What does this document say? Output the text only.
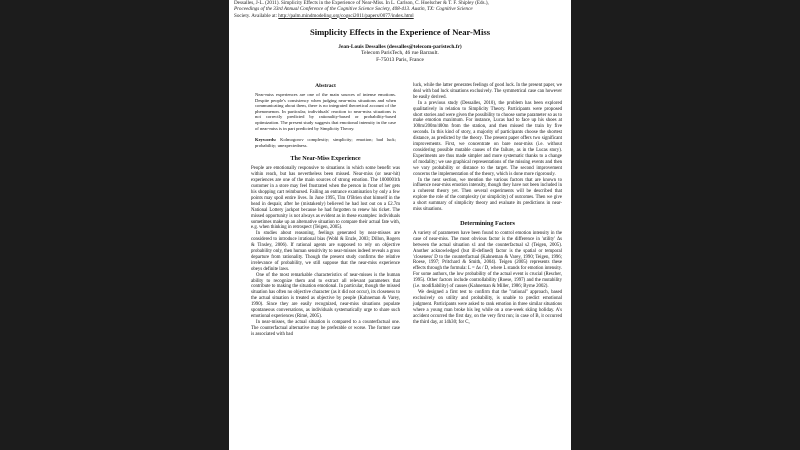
Dessalles, J-L. (2011). Simplicity Effects in the Experience of Near-Miss. In L. Carlson, C. Hoelscher & T. F. Shipley (Eds.),
Proceedings of the 33rd Annual Conference of the Cognitive Science Society, 408-413. Austin, TX: Cognitive Science
Society. Available at: http://palm.mindmodeling.org/cogsci2011/papers/0077/index.html
Simplicity Effects in the Experience of Near-Miss
Jean-Louis Dessalles (dessalles@telecom-paristech.fr)
Telecom ParisTech, 46 rue Barrault.
F-75013 Paris, France
Abstract

Near-miss experiences are one of the main sources of intense emotions. Despite people's consistency when judging near-miss situations and when communicating about them, there is no integrated theoretical account of the phenomenon. In particular, individuals' reaction to near-miss situations is not correctly predicted by rationality-based or probability-based optimization. The present study suggests that emotional intensity in the case of near-miss is in part predicted by Simplicity Theory.

Keywords: Kolmogorov complexity; simplicity; emotion; bad luck; probability; unexpectedness.
The Near-Miss Experience

People are emotionally responsive to situations in which some benefit was within reach, but has nevertheless been missed. Near-miss (or near-hit) experiences are one of the main sources of strong emotion. The 1000001th customer in a store may feel frustrated when the person in front of her gets his shopping cart reimbursed. Failing an entrance examination by only a few points may spoil entire lives. In June 1995, Tim O'Brien shot himself in the head in despair, after he (mistakenly) believed he had lost out on a £2.7m National Lottery jackpot because he had forgotten to renew his ticket. The missed opportunity is not always as evident as in these examples: individuals sometimes make up an alternative situation to compare their actual fate with, e.g. when thinking in retrospect (Teigen, 2005).

In studies about reasoning, feelings generated by near-misses are considered to introduce irrational bias (Wohl & Enzle, 2003; Dillon, Rogers & Tinsley, 2006). If rational agents are supposed to rely on objective probability only, then human sensitivity to near-misses indeed reveals a gross departure from rationality. Though the present study confirms the relative irrelevance of probability, we still suppose that the near-miss experience obeys definite laws.

One of the most remarkable characteristics of near-misses is the human ability to recognize them and to extract all relevant parameters that contribute to making the situation emotional. In particular, though the missed situation has often no objective character (as it did not occur), its closeness to the actual situation is treated as objective by people (Kahneman & Varey, 1990). Since they are easily recognized, near-miss situations populate spontaneous conversations, as individuals systematically urge to share such emotional experiences (Rimé, 2005).

In near-misses, the actual situation is compared to a counterfactual one. The counterfactual alternative may be preferable or worse. The former case is associated with bad

luck, while the latter generates feelings of good luck. In the present paper, we deal with bad luck situations exclusively. The symmetrical case can however be easily derived.

In a previous study (Dessalles, 2010), the problem has been explored qualitatively in relation to Simplicity Theory. Participants were proposed short stories and were given the possibility to choose some parameter so as to make emotion maximum. For instance, Lucas had to face up his shoes at 100m/200m/400m from the station, and then missed the train by five seconds. In this kind of story, a majority of participants choose the shortest distance, as predicted by the theory. The present paper offers two significant improvements. First, we concentrate on bare near-miss (i.e. without considering possible mutable causes of the failure, as in the Lucas story). Experiments are thus made simpler and more systematic thanks to a change of modality; we use graphical representations of the missing events and then we vary probability or distance to the target. The second improvement concerns the implementation of the theory, which is done more rigorously.

In the next section, we mention the various factors that are known to influence near-miss emotion intensity, though they have not been included in a coherent theory yet. Then several experiments will be described that explore the role of the complexity (or simplicity) of outcomes. Then we give a short summary of simplicity theory and evaluate its predictions in near-miss situations.

Determining Factors

A variety of parameters have been found to control emotion intensity in the case of near-miss. The most obvious factor is the difference in 'utility' Δs between the actual situation s1 and the counterfactual s2 (Teigen, 2005). Another acknowledged (but ill-defined) factor is the spatial or temporal 'closeness' D to the counterfactual (Kahneman & Varey, 1990; Teigen, 1996; Roese, 1997; Pritchard & Smith, 2004). Teigen (2005) represents these effects through the formula: L = Δs / D, where L stands for emotion intensity. For some authors, the low probability of the actual event is crucial (Rescher, 1995). Other factors include controllability (Roese, 1997) and the mutability (i.e. modifiability) of causes (Kahneman & Miller, 1986; Byrne 2002).

We designed a first test to confirm that the "rational" approach, based exclusively on utility and probability, is unable to predict emotional judgment. Participants were asked to rank emotion in three similar situations where a young man broke his leg while on a one-week skiing holiday. A's accident occurred the first day, on the very first run; in case of B, it occurred the third day, at 14h30; for C,
